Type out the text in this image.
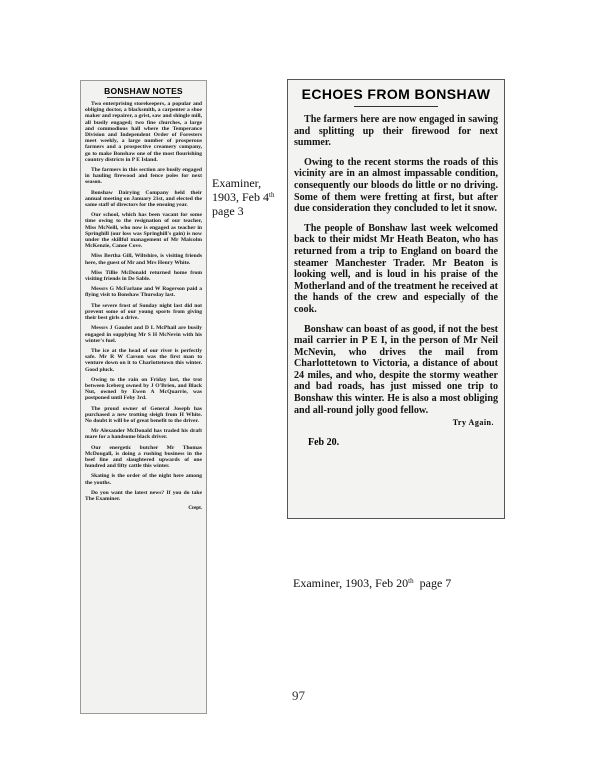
BONSHAW NOTES

Two enterprising storekeepers, a popular and obliging doctor, a blacksmith, a carpenter a shoe maker and repairer, a grist, saw and shingle mill, all busily engaged; two fine churches, a large and commodious hall where the Temperance Division and Independent Order of Foresters meet weekly, a large number of prosperous farmers and a prospective creamery company, go to make Bonshaw one of the most flourishing country districts in P E Island.

The farmers in this section are busily engaged in hauling firewood and fence poles for next season.

Bonshaw Dairying Company held their annual meeting on January 21st, and elected the same staff of directors for the ensuing year.

Our school, which has been vacant for some time owing to the resignation of our teacher, Miss McNeill, who now is engaged as teacher in Springhill (our loss was Springhill's gain) is now under the skillful management of Mr Malcolm McKenzie, Canoe Cove.

Miss Bertha Gill, Wiltshire, is visiting friends here, the guest of Mr and Mrs Henry White.

Miss Tillie McDonald returned home from visiting friends in De Sable.

Messrs G McFarlane and W Rogerson paid a flying visit to Bonshaw Thursday last.

The severe frost of Sunday night last did not prevent some of our young sports from giving their best girls a drive.

Messrs J Gaudet and D L McPhail are busily engaged in supplying Mr S H McNevin with his winter's fuel.

The ice at the head of our river is perfectly safe. Mr R W Carson was the first man to venture down on it to Charlottetown this winter. Good pluck.

Owing to the rain on Friday last, the trot between Iceberg owned by J O'Brien, and Black Nut, owned by Ewen A McQuarrie, was postponed until Feby 3rd.

The proud owner of General Joseph has purchased a new trotting sleigh from H White. No doubt it will be of great benefit to the driver.

Mr Alexander McDonald has traded his draft mare for a handsome black driver.

Our energetic butcher Mr Thomas McDougall, is doing a rushing business in the beef line and slaughtered upwards of one hundred and fifty cattle this winter.

Skating is the order of the night here among the youths.

Do you want the latest news? If you do take The Examiner.

Crept.
Examiner,
1903, Feb 4th
page 3
ECHOES FROM BONSHAW

The farmers here are now engaged in sawing and splitting up their firewood for next summer.

Owing to the recent storms the roads of this vicinity are in an almost impassable condition, consequently our bloods do little or no driving. Some of them were fretting at first, but after due consideration they concluded to let it snow.

The people of Bonshaw last week welcomed back to their midst Mr Heath Beaton, who has returned from a trip to England on board the steamer Manchester Trader. Mr Beaton is looking well, and is loud in his praise of the Motherland and of the treatment he received at the hands of the crew and especially of the cook.

Bonshaw can boast of as good, if not the best mail carrier in P E I, in the person of Mr Neil McNevin, who drives the mail from Charlottetown to Victoria, a distance of about 24 miles, and who, despite the stormy weather and bad roads, has just missed one trip to Bonshaw this winter. He is also a most obliging and all-round jolly good fellow.

Try Again.
Feb 20.
Examiner, 1903, Feb 20th  page 7
97
